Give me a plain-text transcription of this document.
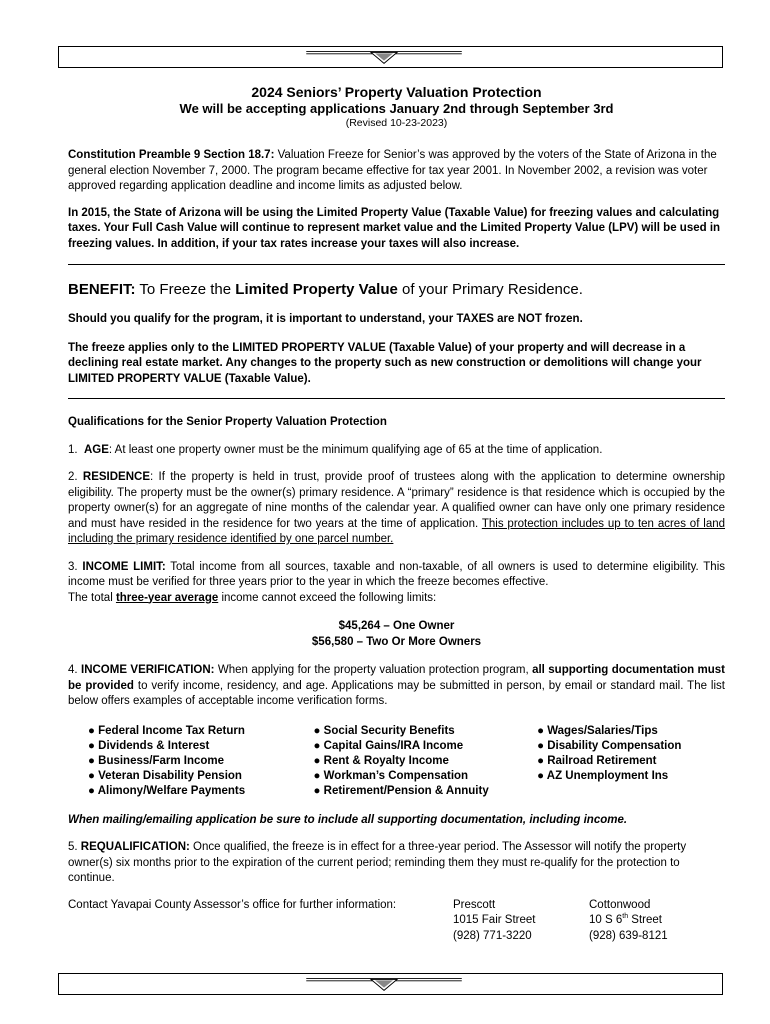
2024 Seniors’ Property Valuation Protection
We will be accepting applications January 2nd through September 3rd
(Revised 10-23-2023)

Constitution Preamble 9 Section 18.7: Valuation Freeze for Senior’s was approved by the voters of the State of Arizona in the general election November 7, 2000. The program became effective for tax year 2001. In November 2002, a revision was voter approved regarding application deadline and income limits as adjusted below.

In 2015, the State of Arizona will be using the Limited Property Value (Taxable Value) for freezing values and calculating taxes. Your Full Cash Value will continue to represent market value and the Limited Property Value (LPV) will be used in freezing values. In addition, if your tax rates increase your taxes will also increase.

BENEFIT: To Freeze the Limited Property Value of your Primary Residence.

Should you qualify for the program, it is important to understand, your TAXES are NOT frozen.

The freeze applies only to the LIMITED PROPERTY VALUE (Taxable Value) of your property and will decrease in a declining real estate market. Any changes to the property such as new construction or demolitions will change your LIMITED PROPERTY VALUE (Taxable Value).

Qualifications for the Senior Property Valuation Protection

1. AGE: At least one property owner must be the minimum qualifying age of 65 at the time of application.

2. RESIDENCE: If the property is held in trust, provide proof of trustees along with the application to determine ownership eligibility. The property must be the owner(s) primary residence. A “primary” residence is that residence which is occupied by the property owner(s) for an aggregate of nine months of the calendar year. A qualified owner can have only one primary residence and must have resided in the residence for two years at the time of application. This protection includes up to ten acres of land including the primary residence identified by one parcel number.

3. INCOME LIMIT: Total income from all sources, taxable and non-taxable, of all owners is used to determine eligibility. This income must be verified for three years prior to the year in which the freeze becomes effective.

The total three-year average income cannot exceed the following limits:

$45,264 – One Owner

$56,580 – Two Or More Owners

4. INCOME VERIFICATION: When applying for the property valuation protection program, all supporting documentation must be provided to verify income, residency, and age. Applications may be submitted in person, by email or standard mail. The list below offers examples of acceptable income verification forms.

● Federal Income Tax Return
● Dividends & Interest
● Business/Farm Income
● Veteran Disability Pension
● Alimony/Welfare Payments
● Social Security Benefits
● Capital Gains/IRA Income
● Rent & Royalty Income
● Workman’s Compensation
● Retirement/Pension & Annuity
● Wages/Salaries/Tips
● Disability Compensation
● Railroad Retirement
● AZ Unemployment Ins

When mailing/emailing application be sure to include all supporting documentation, including income.

5. REQUALIFICATION: Once qualified, the freeze is in effect for a three-year period. The Assessor will notify the property owner(s) six months prior to the expiration of the current period; reminding them they must re-qualify for the protection to continue.

Contact Yavapai County Assessor’s office for further information:	Prescott
1015 Fair Street
(928) 771-3220
Cottonwood
10 S 6th Street
(928) 639-8121
